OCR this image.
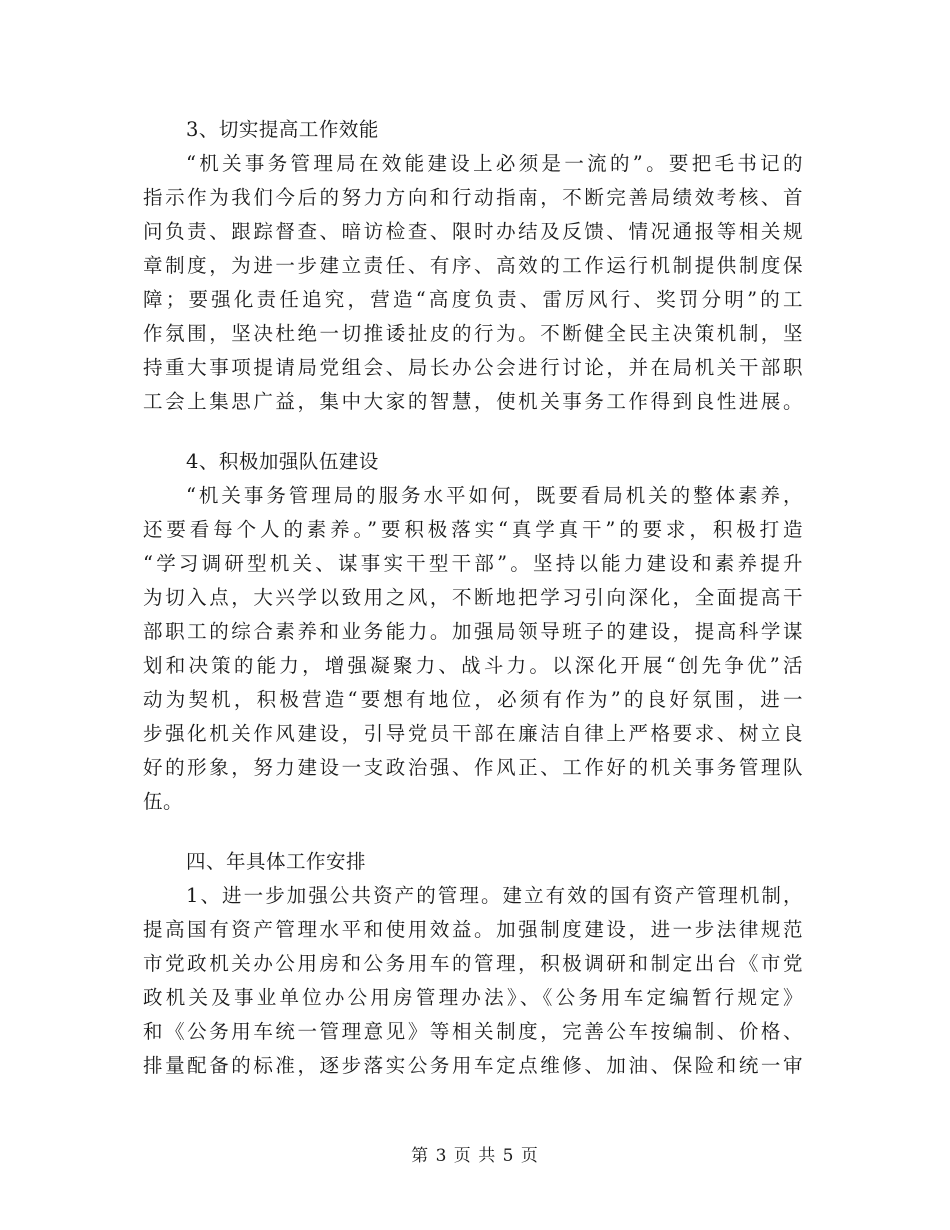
3、切实提高工作效能
“机关事务管理局在效能建设上必须是一流的”。要把毛书记的
指示作为我们今后的努力方向和行动指南，不断完善局绩效考核、首
问负责、跟踪督查、暗访检查、限时办结及反馈、情况通报等相关规
章制度，为进一步建立责任、有序、高效的工作运行机制提供制度保
障；要强化责任追究，营造“高度负责、雷厉风行、奖罚分明”的工
作氛围，坚决杜绝一切推诿扯皮的行为。不断健全民主决策机制，坚
持重大事项提请局党组会、局长办公会进行讨论，并在局机关干部职
工会上集思广益，集中大家的智慧，使机关事务工作得到良性进展。
4、积极加强队伍建设
“机关事务管理局的服务水平如何，既要看局机关的整体素养，
还要看每个人的素养。”要积极落实“真学真干”的要求，积极打造
“学习调研型机关、谋事实干型干部”。坚持以能力建设和素养提升
为切入点，大兴学以致用之风，不断地把学习引向深化，全面提高干
部职工的综合素养和业务能力。加强局领导班子的建设，提高科学谋
划和决策的能力，增强凝聚力、战斗力。以深化开展“创先争优”活
动为契机，积极营造“要想有地位，必须有作为”的良好氛围，进一
步强化机关作风建设，引导党员干部在廉洁自律上严格要求、树立良
好的形象，努力建设一支政治强、作风正、工作好的机关事务管理队
伍。
四、年具体工作安排
1、进一步加强公共资产的管理。建立有效的国有资产管理机制，
提高国有资产管理水平和使用效益。加强制度建设，进一步法律规范
市党政机关办公用房和公务用车的管理，积极调研和制定出台《市党
政机关及事业单位办公用房管理办法》、《公务用车定编暂行规定》
和《公务用车统一管理意见》等相关制度，完善公车按编制、价格、
排量配备的标准，逐步落实公务用车定点维修、加油、保险和统一审
第 3 页 共 5 页
